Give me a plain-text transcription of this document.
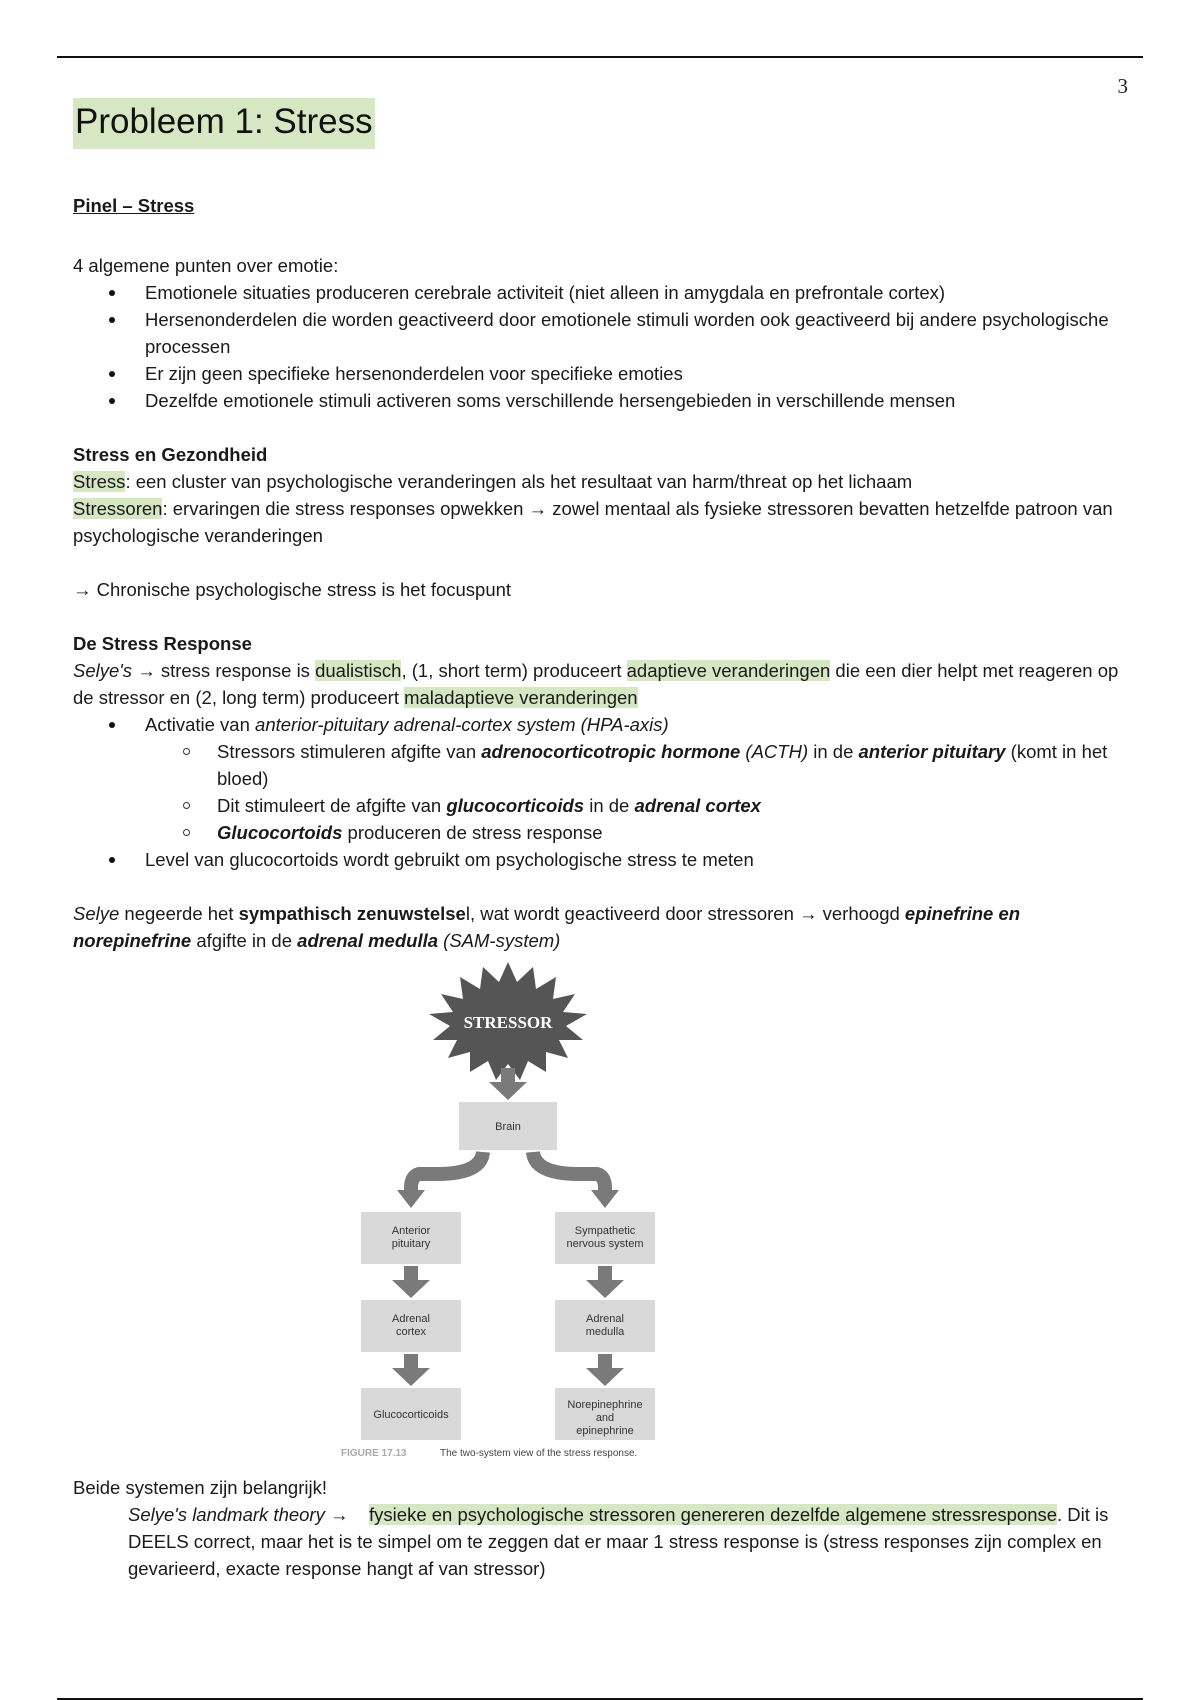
3
Probleem 1: Stress
Pinel – Stress
4 algemene punten over emotie:
Emotionele situaties produceren cerebrale activiteit (niet alleen in amygdala en prefrontale cortex)
Hersenonderdelen die worden geactiveerd door emotionele stimuli worden ook geactiveerd bij andere psychologische processen
Er zijn geen specifieke hersenonderdelen voor specifieke emoties
Dezelfde emotionele stimuli activeren soms verschillende hersengebieden in verschillende mensen
Stress en Gezondheid
Stress: een cluster van psychologische veranderingen als het resultaat van harm/threat op het lichaam
Stressoren: ervaringen die stress responses opwekken → zowel mentaal als fysieke stressoren bevatten hetzelfde patroon van psychologische veranderingen
→ Chronische psychologische stress is het focuspunt
De Stress Response
Selye's → stress response is dualistisch, (1, short term) produceert adaptieve veranderingen die een dier helpt met reageren op de stressor en (2, long term) produceert maladaptieve veranderingen
Activatie van anterior-pituitary adrenal-cortex system (HPA-axis)
Stressors stimuleren afgifte van adrenocorticotropic hormone (ACTH) in de anterior pituitary (komt in het bloed)
Dit stimuleert de afgifte van glucocorticoids in de adrenal cortex
Glucocortoids produceren de stress response
Level van glucocortoids wordt gebruikt om psychologische stress te meten
Selye negeerde het sympathisch zenuwstelsel, wat wordt geactiveerd door stressoren → verhoogd epinefrine en norepinefrine afgifte in de adrenal medulla (SAM-system)
STRESSOR
Brain
Anterior
pituitary
Adrenal
cortex
Glucocorticoids
Sympathetic
nervous system
Adrenal
medulla
Norepinephrine
and
epinephrine
FIGURE 17.13	The two-system view of the stress response.
Beide systemen zijn belangrijk!
Selye's landmark theory →    fysieke en psychologische stressoren genereren dezelfde algemene stressresponse. Dit is DEELS correct, maar het is te simpel om te zeggen dat er maar 1 stress response is (stress responses zijn complex en gevarieerd, exacte response hangt af van stressor)
